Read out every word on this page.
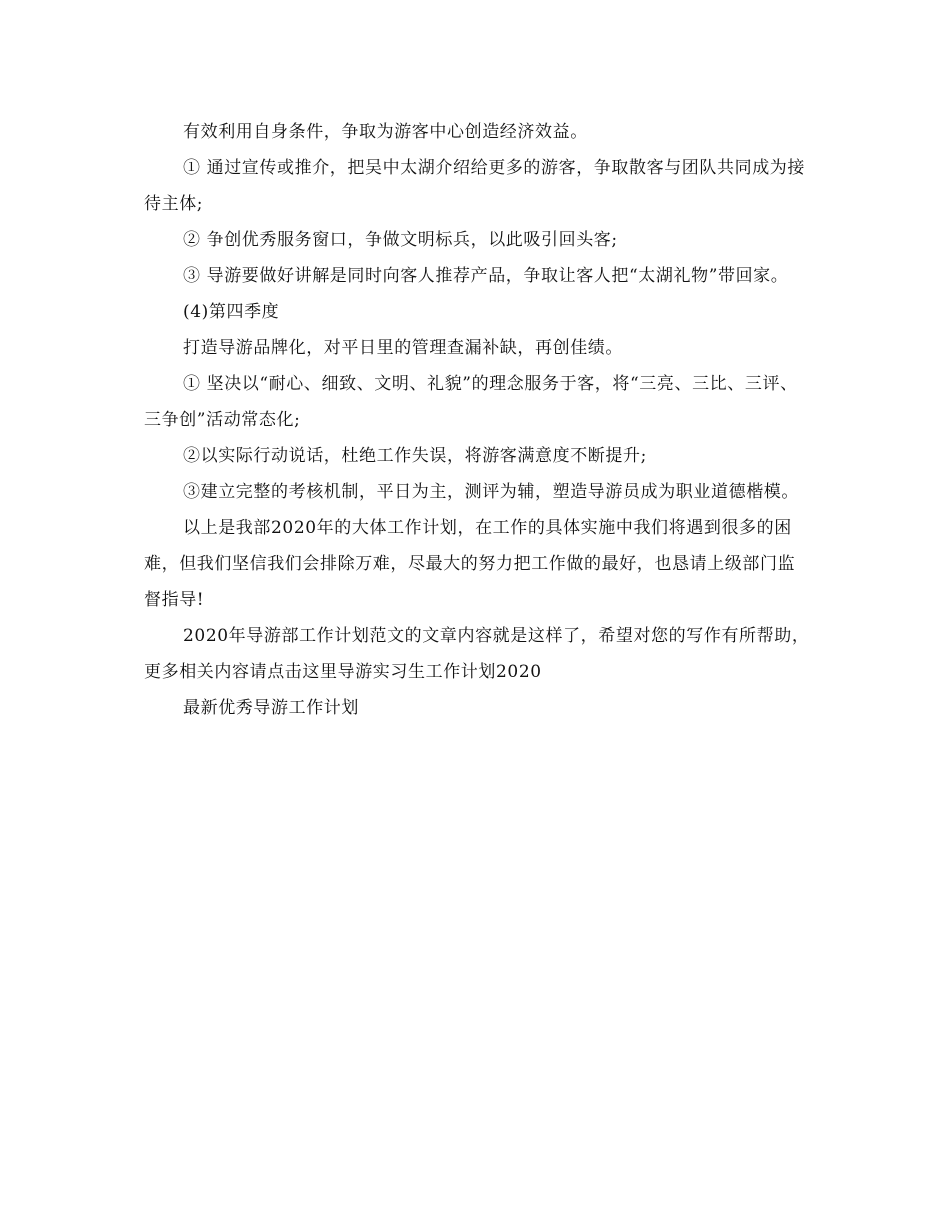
有效利用自身条件，争取为游客中心创造经济效益。

① 通过宣传或推介，把吴中太湖介绍给更多的游客，争取散客与团队共同成为接待主体;

② 争创优秀服务窗口，争做文明标兵，以此吸引回头客;

③ 导游要做好讲解是同时向客人推荐产品，争取让客人把“太湖礼物”带回家。

(4)第四季度

打造导游品牌化，对平日里的管理查漏补缺，再创佳绩。

① 坚决以“耐心、细致、文明、礼貌”的理念服务于客，将“三亮、三比、三评、三争创”活动常态化;

②以实际行动说话，杜绝工作失误，将游客满意度不断提升;

③建立完整的考核机制，平日为主，测评为辅，塑造导游员成为职业道德楷模。

以上是我部2020年的大体工作计划，在工作的具体实施中我们将遇到很多的困难，但我们坚信我们会排除万难，尽最大的努力把工作做的最好，也恳请上级部门监督指导!

2020年导游部工作计划范文的文章内容就是这样了，希望对您的写作有所帮助，更多相关内容请点击这里导游实习生工作计划2020

最新优秀导游工作计划
